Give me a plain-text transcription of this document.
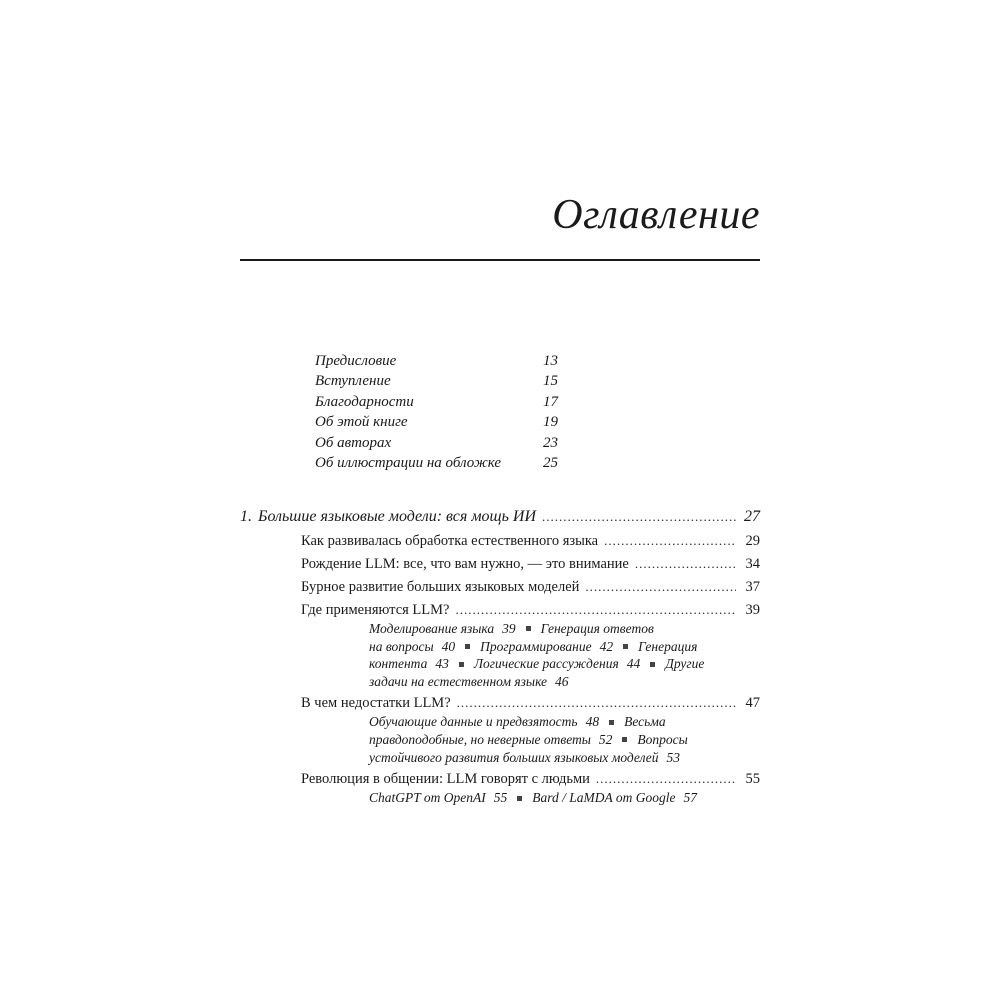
Оглавление
Предисловие	13
Вступление	15
Благодарности	17
Об этой книге	19
Об авторах	23
Об иллюстрации на обложке	25
1. Большие языковые модели: вся мощь ИИ .....	27
Как развивалась обработка естественного языка .....	29
Рождение LLM: все, что вам нужно, — это внимание .....	34
Бурное развитие больших языковых моделей .....	37
Где применяются LLM? .....	39
Моделирование языка 39 Генерация ответов
на вопросы 40 Программирование 42 Генерация
контента 43 Логические рассуждения 44 Другие
задачи на естественном языке 46
В чем недостатки LLM? .....	47
Обучающие данные и предвзятость 48 Весьма
правдоподобные, но неверные ответы 52 Вопросы
устойчивого развития больших языковых моделей 53
Революция в общении: LLM говорят с людьми .....	55
ChatGPT от OpenAI 55 Bard / LaMDA от Google 57
